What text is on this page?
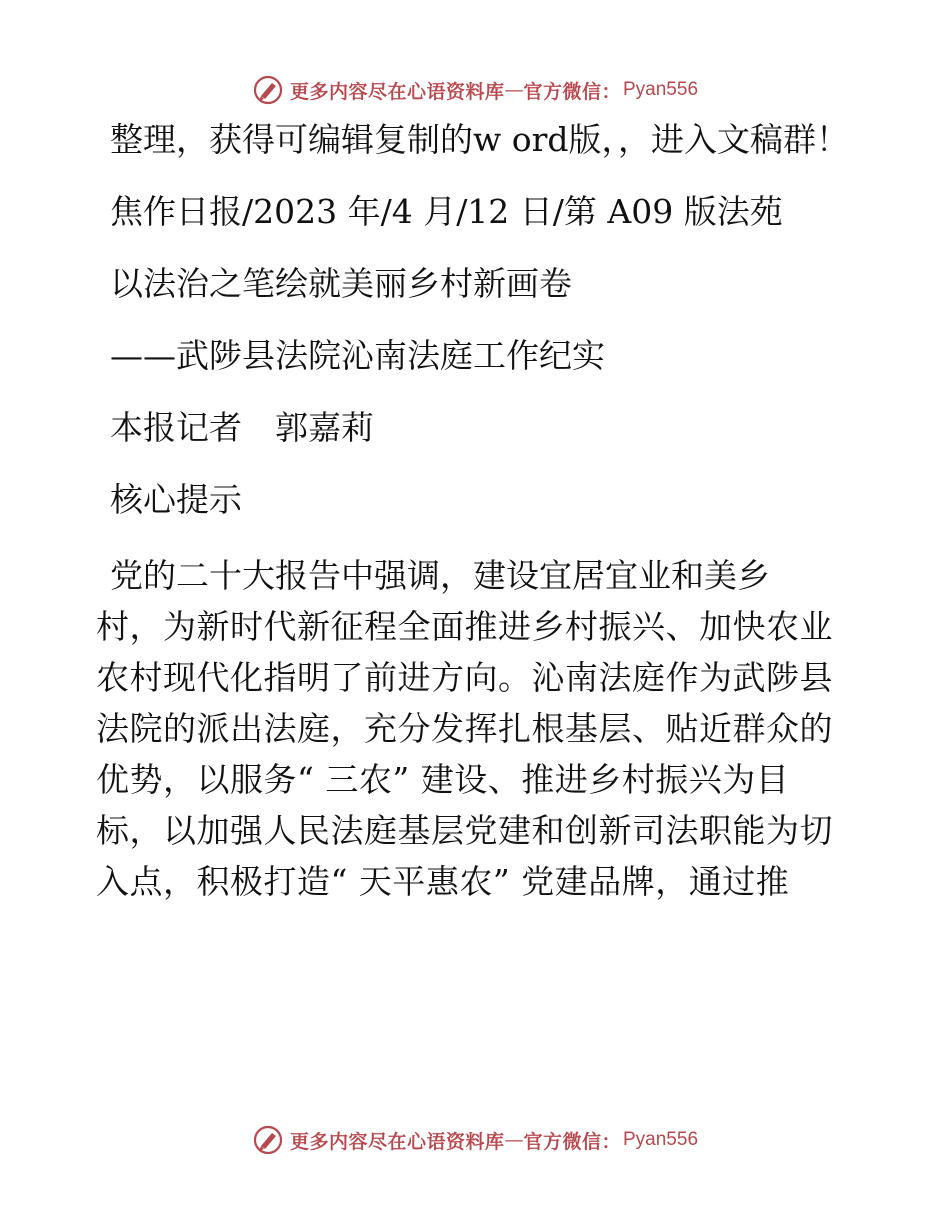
更多内容尽在心语资料库 — 官方微信： Pyan556

整理，获得可编辑复制的w ord版，，进入文稿群！

焦作日报/2023 年/4 月/12 日/第 A09 版法苑

以法治之笔绘就美丽乡村新画卷

——武陟县法院沁南法庭工作纪实

本报记者　郭嘉莉

核心提示

党的二十大报告中强调，建设宜居宜业和美乡

村，为新时代新征程全面推进乡村振兴、加快农业

农村现代化指明了前进方向。沁南法庭作为武陟县

法院的派出法庭，充分发挥扎根基层、贴近群众的

优势，以服务“ 三农” 建设、推进乡村振兴为目

标，以加强人民法庭基层党建和创新司法职能为切

入点，积极打造“ 天平惠农” 党建品牌，通过推

更多内容尽在心语资料库 — 官方微信： Pyan556
